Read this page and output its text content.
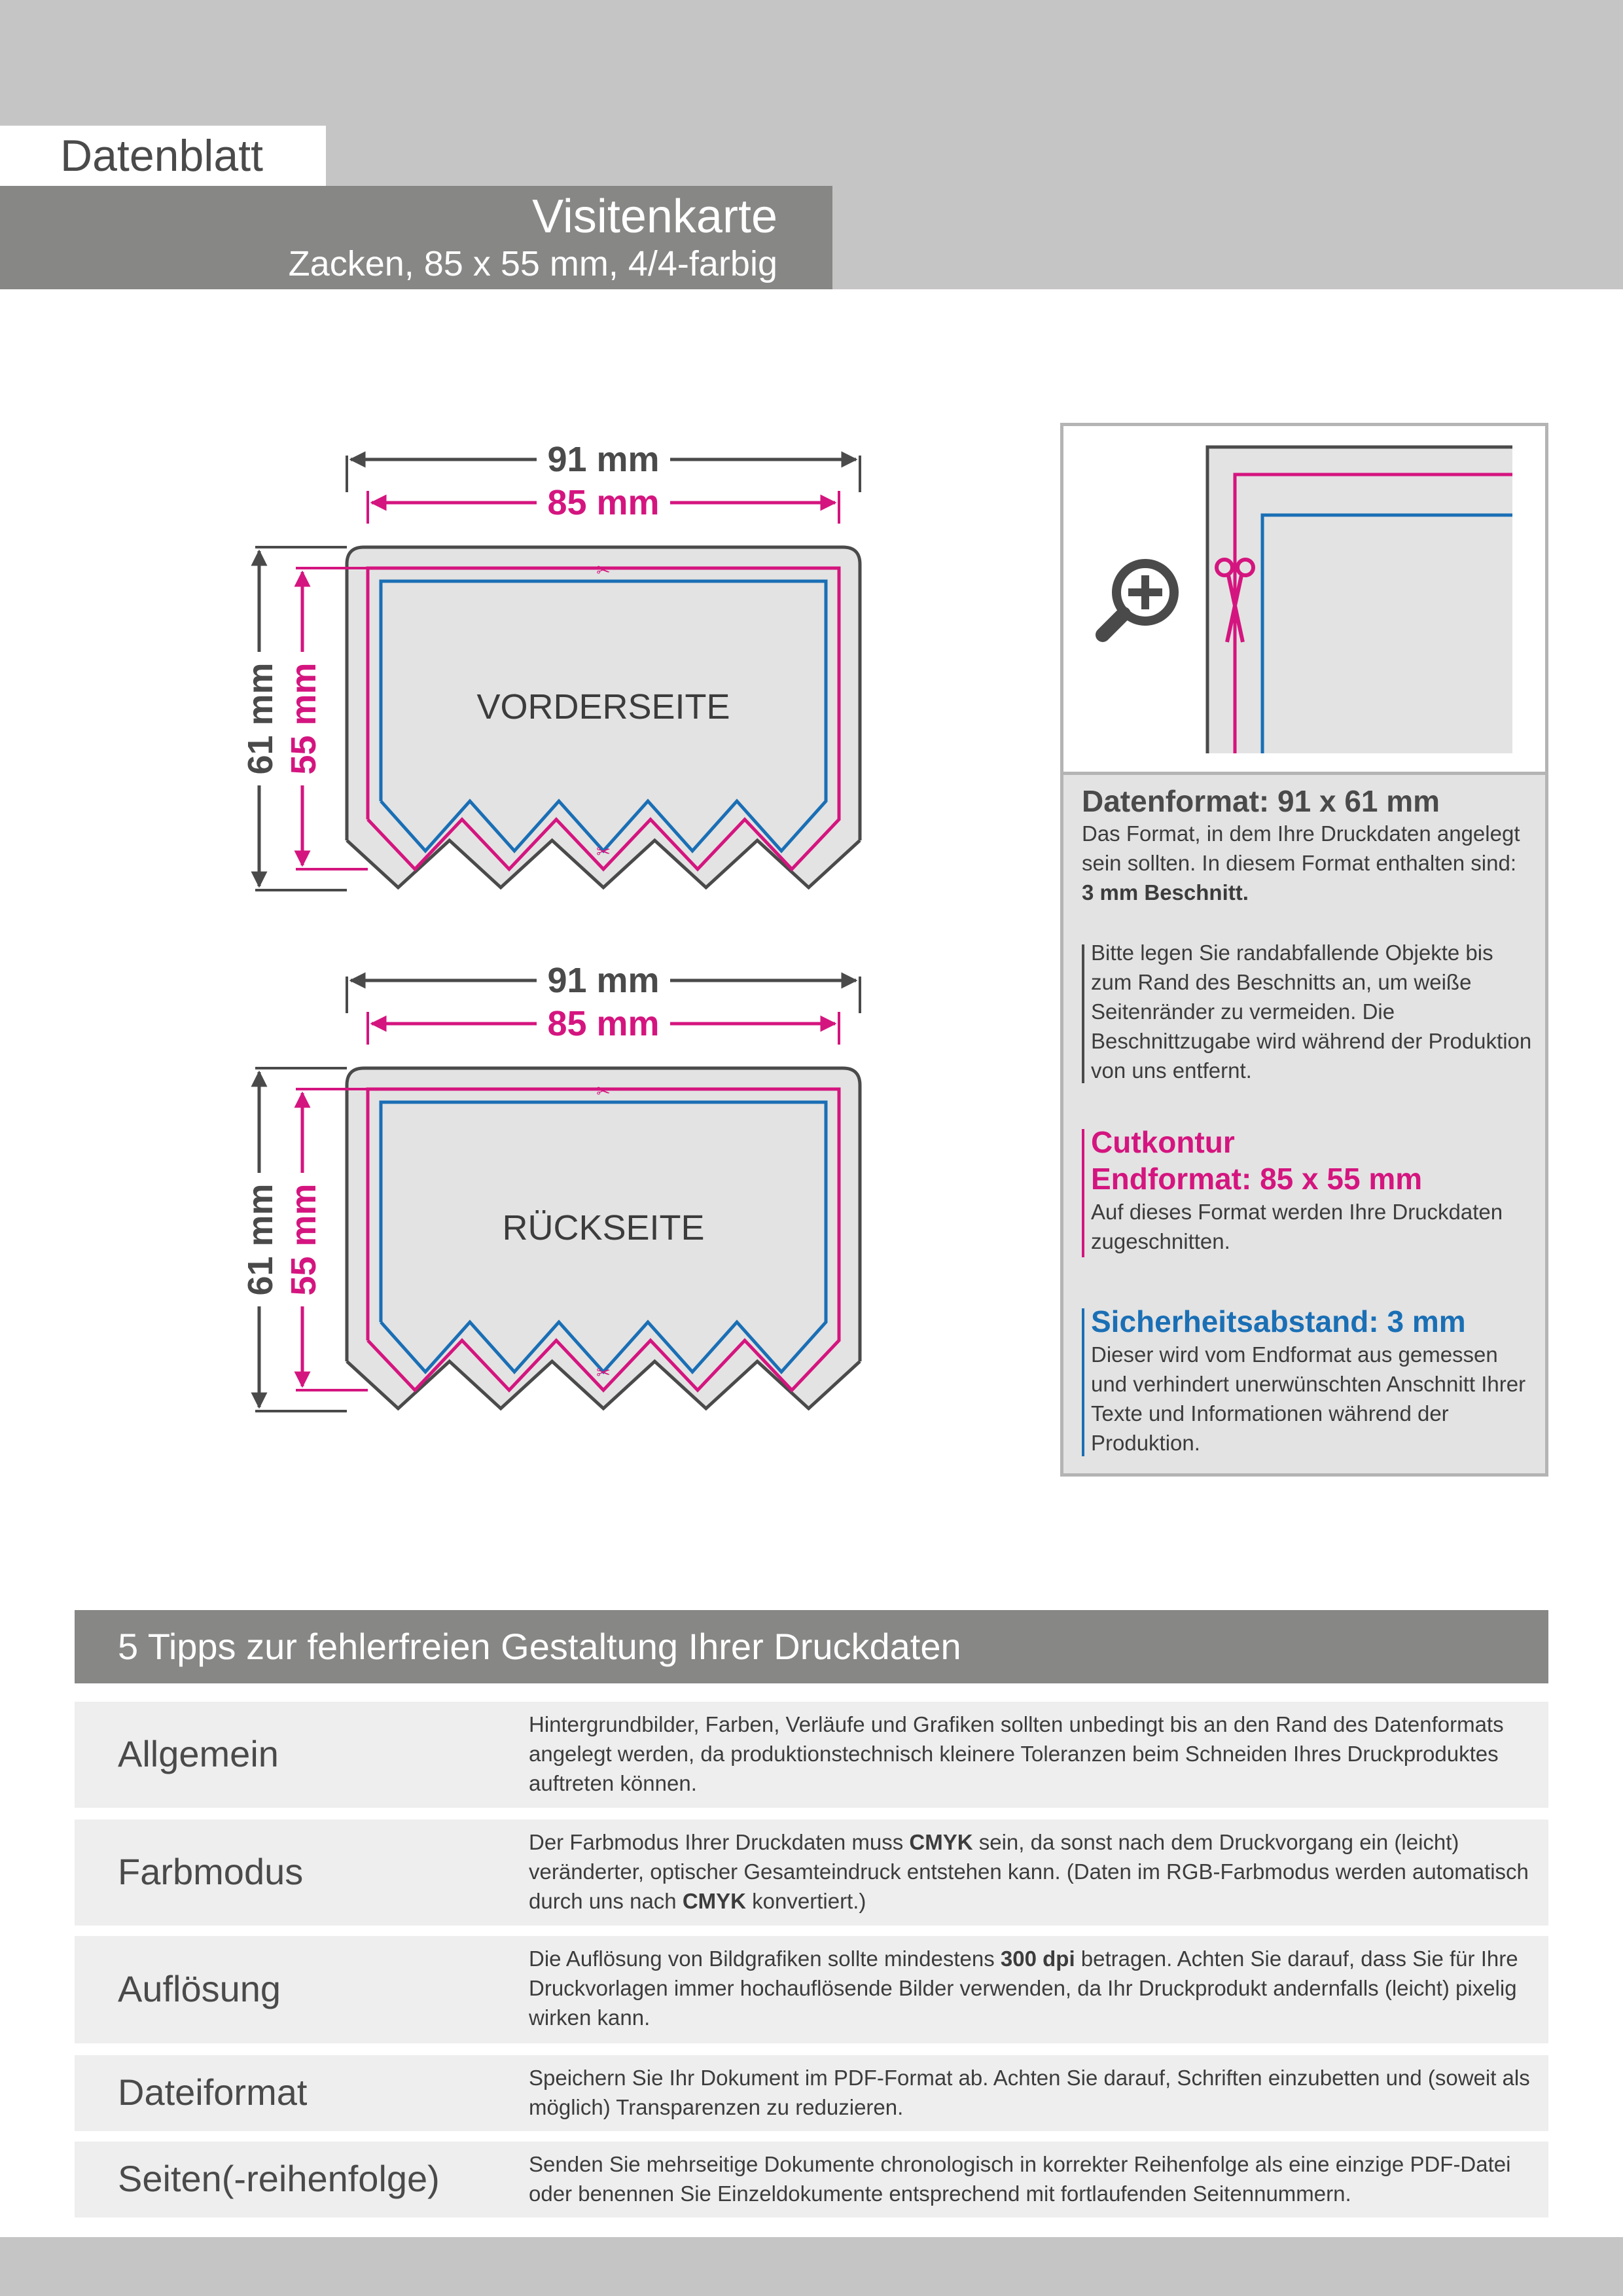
Datenblatt
Visitenkarte
Zacken, 85 x 55 mm, 4/4-farbig
✂
✂
VORDERSEITE
91 mm
85 mm
61 mm 55 mm
✂
✂
RÜCKSEITE
91 mm
85 mm
61 mm 55 mm
Datenformat: 91 x 61 mm
Das Format, in dem Ihre Druckdaten angelegt sein sollten. In diesem Format enthalten sind: 3 mm Beschnitt.
Bitte legen Sie randabfallende Objekte bis zum Rand des Beschnitts an, um weiße Seitenränder zu vermeiden. Die Beschnittzugabe wird während der Produktion von uns entfernt.
Cutkontur
Endformat: 85 x 55 mm
Auf dieses Format werden Ihre Druckdaten zugeschnitten.
Sicherheitsabstand: 3 mm
Dieser wird vom Endformat aus gemessen und verhindert unerwünschten Anschnitt Ihrer Texte und Informationen während der Produktion.
5 Tipps zur fehlerfreien Gestaltung Ihrer Druckdaten
Allgemein
Hintergrundbilder, Farben, Verläufe und Grafiken sollten unbedingt bis an den Rand des Datenformats angelegt werden, da produktionstechnisch kleinere Toleranzen beim Schneiden Ihres Druckproduktes auftreten können.
Farbmodus
Der Farbmodus Ihrer Druckdaten muss CMYK sein, da sonst nach dem Druckvorgang ein (leicht) veränderter, optischer Gesamteindruck entstehen kann. (Daten im RGB-Farbmodus werden automatisch durch uns nach CMYK konvertiert.)
Auflösung
Die Auflösung von Bildgrafiken sollte mindestens 300 dpi betragen. Achten Sie darauf, dass Sie für Ihre Druckvorlagen immer hochauflösende Bilder verwenden, da Ihr Druckprodukt andernfalls (leicht) pixelig wirken kann.
Dateiformat	Speichern Sie Ihr Dokument im PDF-Format ab. Achten Sie darauf, Schriften einzubetten und (soweit als möglich) Transparenzen zu reduzieren.
Seiten(-reihenfolge)	Senden Sie mehrseitige Dokumente chronologisch in korrekter Reihenfolge als eine einzige PDF-Datei oder benennen Sie Einzeldokumente entsprechend mit fortlaufenden Seitennummern.
